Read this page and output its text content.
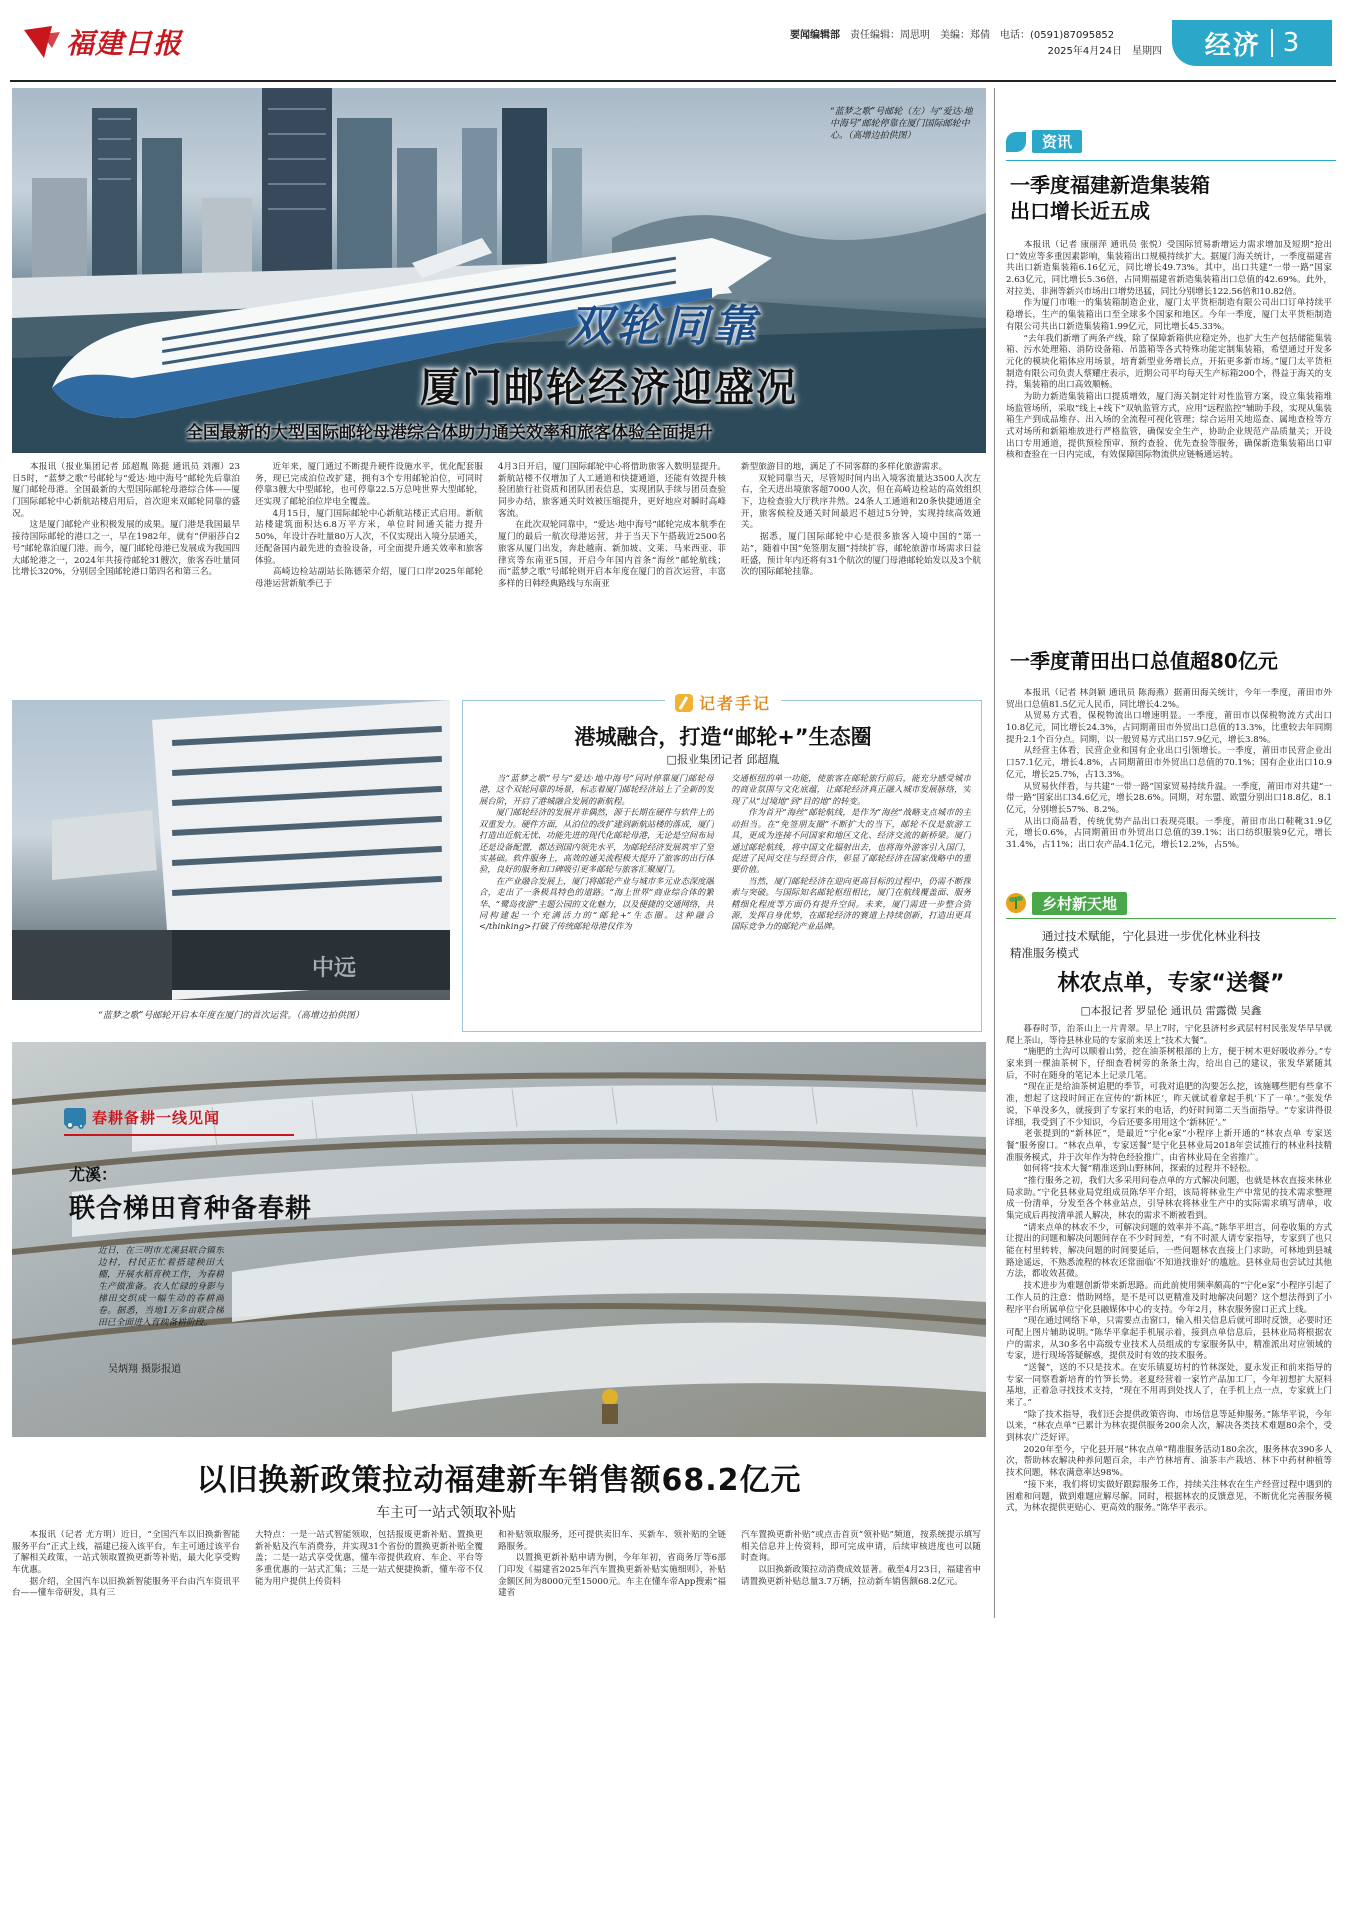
福建日报	要闻编辑部 责任编辑：周思明　美编：郑倩　电话：(0591)87095852
2025年4月24日　星期四	经济 3
“蓝梦之歌”号邮轮（左）与“爱达·地中海号”邮轮停靠在厦门国际邮轮中心。（高增边拍供图）
双轮同靠
厦门邮轮经济迎盛况
全国最新的大型国际邮轮母港综合体助力通关效率和旅客体验全面提升
　　本报讯（报业集团记者 邱超胤 陈挺 通讯员 刘湘）23日5时，“蓝梦之歌”号邮轮与“爱达·地中海号”邮轮先后靠泊厦门邮轮母港。全国最新的大型国际邮轮母港综合体——厦门国际邮轮中心新航站楼启用后，首次迎来双邮轮同靠的盛况。
　　这是厦门邮轮产业积极发展的成果。厦门港是我国最早接待国际邮轮的港口之一，早在1982年，就有“伊丽莎白2号”邮轮靠泊厦门港。而今，厦门邮轮母港已发展成为我国四大邮轮港之一，2024年共接待邮轮31艘次，旅客吞吐量同比增长320%，分别居全国邮轮港口第四名和第三名。
　　近年来，厦门通过不断提升硬件设施水平，优化配套服务，现已完成泊位改扩建，拥有3个专用邮轮泊位，可同时停靠3艘大中型邮轮，也可停靠22.5万总吨世界大型邮轮，还实现了邮轮泊位岸电全覆盖。
　　4月15日，厦门国际邮轮中心新航站楼正式启用。新航站楼建筑面积达6.8万平方米，单位时间通关能力提升50%，年设计吞吐量80万人次，不仅实现出入境分层通关，还配备国内最先进的查验设备，可全面提升通关效率和旅客体验。
　　高崎边检站副站长陈德荣介绍，厦门口岸2025年邮轮母港运营新航季已于
4月3日开启，厦门国际邮轮中心将借助旅客入数明显提升。新航站楼不仅增加了人工通道和快捷通道，还能有效提升核验团旅行社资质和团队团表信息，实现团队手续与团员查验同步办结，旅客通关时效被压缩提升，更好地应对瞬时高峰客流。
　　在此次双轮同靠中，“爱达·地中海号”邮轮完成本航季在厦门的最后一航次母港运营，并于当天下午搭载近2500名旅客从厦门出发，奔赴越南、新加坡、文莱、马来西亚、菲律宾等东南亚5国，开启今年国内首条“海丝”邮轮航线；而“蓝梦之歌”号邮轮则开启本年度在厦门的首次运营，丰富多样的日韩经典路线与东南亚
新型旅游目的地，满足了不同客群的多样化旅游需求。
　　双轮同靠当天，尽管短时间内出入境客流量达3500人次左右，全天进出境旅客超7000人次，但在高崎边检站的高效组织下，边检查验大厅秩序井然。24条人工通道和20条快捷通道全开，旅客候检及通关时间最迟不超过5分钟，实现持续高效通关。
　　据悉，厦门国际邮轮中心是很多旅客入境中国的“第一站”，随着中国“免签朋友圈”持续扩容，邮轮旅游市场需求日益旺盛，预计年内还将有31个航次的厦门母港邮轮始发以及3个航次的国际邮轮挂靠。
中远
“蓝梦之歌”号邮轮开启本年度在厦门的首次运营。（高增边拍供图）
记者手记
港城融合，打造“邮轮+”生态圈
□报业集团记者 邱超胤
　　当“蓝梦之歌”号与“爱达·地中海号”同时停靠厦门邮轮母港，这个双轮同靠的场景，标志着厦门邮轮经济站上了全新的发展台阶，开启了港城融合发展的新航程。
　　厦门邮轮经济的发展并非偶然，源于长期在硬件与软件上的双重发力。硬件方面，从泊位的改扩建到新航站楼的落成，厦门打造出近航无忧、功能先进的现代化邮轮母港，无论是空间布局还是设备配置，都达到国内领先水平，为邮轮经济发展筑牢了坚实基础。软件服务上，高效的通关流程极大提升了旅客的出行体验，良好的服务和口碑吸引更多邮轮与旅客汇聚厦门。
　　在产业融合发展上，厦门将邮轮产业与城市多元业态深度融合，走出了一条极具特色的道路。“海上世界”商业综合体的繁华、“鹭岛夜游”主题公园的文化魅力，以及便捷的交通网络，共同构建起一个充满活力的“邮轮+”生态圈。这种融合</thinking>打破了传统邮轮母港仅作为
交通枢纽的单一功能，使旅客在邮轮旅行前后，能充分感受城市的商业氛围与文化底蕴，让邮轮经济真正融入城市发展脉络，实现了从“过境地”到“目的地”的转变。
　　作为首开“海丝”邮轮航线，是作为“海丝”战略支点城市的主动担当。在“免签朋友圈”不断扩大的当下，邮轮不仅是旅游工具，更成为连接不同国家和地区文化、经济交流的新桥梁。厦门通过邮轮航线，将中国文化辐射出去，也将海外游客引入国门，促进了民间交往与经贸合作，彰显了邮轮经济在国家战略中的重要价值。
　　当然，厦门邮轮经济在迎向更高目标的过程中，仍需不断探索与突破。与国际知名邮轮枢纽相比，厦门在航线覆盖面、服务精细化程度等方面仍有提升空间。未来，厦门需进一步整合资源，发挥自身优势，在邮轮经济的赛道上持续创新，打造出更具国际竞争力的邮轮产业品牌。
春耕备耕一线见闻
尤溪：
联合梯田育种备春耕
近日，在三明市尤溪县联合镇东边村，村民正忙着搭建秧田大棚，开展水稻育秧工作，为春耕生产做准备。农人忙碌的身影与梯田交织成一幅生动的春耕画卷。据悉，当地1万多亩联合梯田已全面进入育秧备耕阶段。
吴炳翔 摄影报道
以旧换新政策拉动福建新车销售额68.2亿元
车主可一站式领取补贴
　　本报讯（记者 尤方明）近日，“全国汽车以旧换新智能服务平台”正式上线，福建已接入该平台，车主可通过该平台了解相关政策，一站式领取置换更新等补贴，最大化享受购车优惠。
　　据介绍，全国汽车以旧换新智能服务平台由汽车资讯平台——懂车帝研发，具有三
大特点：一是一站式智能领取，包括报废更新补贴、置换更新补贴及汽车消费券，并实现31个省份的置换更新补贴全覆盖；二是一站式享受优惠，懂车帝提供政府、车企、平台等多重优惠的一站式汇集；三是一站式便捷换新，懂车帝不仅能为用户提供上传资料
和补贴领取服务，还可提供卖旧车、买新车、领补贴的全链路服务。
　　以置换更新补贴申请为例，今年年初，省商务厅等6部门印发《福建省2025年汽车置换更新补贴实施细则》，补贴金额区间为8000元至15000元。车主在懂车帝App搜索“福建省
汽车置换更新补贴”或点击首页“领补贴”频道，按系统提示填写相关信息并上传资料，即可完成申请，后续审核进度也可以随时查询。
　　以旧换新政策拉动消费成效显著。截至4月23日，福建省申请置换更新补贴总量3.7万辆，拉动新车销售额68.2亿元。
资讯
一季度福建新造集装箱
出口增长近五成
　　本报讯（记者 康丽萍 通讯员 张悦）受国际贸易新增运力需求增加及短期“抢出口”效应等多重因素影响，集装箱出口规模持续扩大。据厦门海关统计，一季度福建省共出口新造集装箱6.16亿元，同比增长49.73%。其中，出口共建“一带一路”国家2.63亿元，同比增长5.36倍，占同期福建省新造集装箱出口总值的42.69%。此外，对拉美、非洲等新兴市场出口增势迅猛，同比分别增长122.56倍和10.82倍。
　　作为厦门市唯一的集装箱制造企业，厦门太平货柜制造有限公司出口订单持续平稳增长，生产的集装箱出口至全球多个国家和地区。今年一季度，厦门太平货柜制造有限公司共出口新造集装箱1.99亿元，同比增长45.33%。
　　“去年我们新增了两条产线，除了保障新箱供应稳定外，也扩大生产包括储能集装箱、污水处理箱、消防设备箱、吊篮箱等各式特殊功能定制集装箱，希望通过开发多元化的模块化箱体应用场景，培育新型业务增长点，开拓更多新市场。”厦门太平货柜制造有限公司负责人蔡耀庄表示，近期公司平均每天生产标箱200个，得益于海关的支持，集装箱的出口高效顺畅。
　　为助力新造集装箱出口提质增效，厦门海关制定针对性监管方案，设立集装箱堆场监管场所，采取“线上+线下”双轨监管方式，应用“远程监控”辅助手段，实现从集装箱生产到成品堆存、出入场的全流程可视化管理；综合运用关地巡查、属地查检等方式对场所和新箱堆放进行严格监管，确保安全生产，协助企业规范产品质量关；开设出口专用通道，提供预检预审、预约查验、优先查验等服务，确保新造集装箱出口审核和查验在一日内完成，有效保障国际物流供应链畅通运转。
一季度莆田出口总值超80亿元
　　本报讯（记者 林剑颖 通讯员 陈海燕）据莆田海关统计，今年一季度，莆田市外贸出口总值81.5亿元人民币，同比增长4.2%。
　　从贸易方式看，保税物流出口增速明显。一季度，莆田市以保税物流方式出口10.8亿元，同比增长24.3%，占同期莆田市外贸出口总值的13.3%，比重较去年同期提升2.1个百分点。同期，以一般贸易方式出口57.9亿元，增长3.8%。
　　从经营主体看，民营企业和国有企业出口引领增长。一季度，莆田市民营企业出口57.1亿元，增长4.8%，占同期莆田市外贸出口总值的70.1%；国有企业出口10.9亿元，增长25.7%，占13.3%。
　　从贸易伙伴看，与共建“一带一路”国家贸易持续升温。一季度，莆田市对共建“一带一路”国家出口34.6亿元，增长28.6%。同期，对东盟、欧盟分别出口18.8亿、8.1亿元，分别增长57%、8.2%。
　　从出口商品看，传统优势产品出口表现亮眼。一季度，莆田市出口鞋靴31.9亿元，增长0.6%，占同期莆田市外贸出口总值的39.1%；出口纺织服装9亿元，增长31.4%，占11%；出口农产品4.1亿元，增长12.2%，占5%。
乡村新天地
通过技术赋能，宁化县进一步优化林业科技
精准服务模式
林农点单，专家“送餐”
□本报记者 罗显伦 通讯员 雷露微 吴鑫
　　暮春时节，治茶山上一片青翠。早上7时，宁化县济村乡武层村村民张发华早早就爬上茶山，等待县林业局的专家前来送上“技术大餐”。
　　“施肥的土沟可以顺着山势，挖在油茶树根部的上方，便于树木更好吸收养分。”专家来到一棵油茶树下，仔细查看树旁的条条土沟，给出自己的建议，张发华紧随其后，不时在随身的笔记本上记录几笔。
　　“现在正是给油茶树追肥的季节，可我对追肥的沟要怎么挖，该施哪些肥有些拿不准，想起了这段时间正在宣传的‘新林匠’，昨天就试着拿起手机‘下了一单’。”张发华说，下单没多久，就接到了专家打来的电话，约好时间第二天当面指导。“专家讲得很详细，我受到了不少知识，今后还要多用用这个‘新林匠’。”
　　老张提到的“新林匠”，是最近“宁化e家”小程序上新开通的“林农点单 专家送餐”服务窗口。“林农点单，专家送餐”是宁化县林业局2018年尝试推行的林业科技精准服务模式，并于次年作为特色经验推广，由省林业局在全省推广。
　　如何将“技术大餐”精准送到山野林间，探索的过程并不轻松。
　　“推行服务之初，我们大多采用问卷点单的方式解决问题，也就是林农直接来林业局求助。”宁化县林业局党组成员陈华平介绍，该局将林业生产中常见的技术需求整理成一份清单，分发至各个林业站点，引导林农将林业生产中的实际需求填写清单，收集完成后再按清单派人解决，林农的需求不断被看到。
　　“请来点单的林农不少，可解决问题的效率并不高。”陈华平坦言，问卷收集的方式让提出的问题和解决问题间存在不少时间差，“有不时派人请专家指导，专家到了也只能在村里转转，解决问题的时间要延后，一些问题林农直接上门求助，可林地到县城路途遥远，不熟悉流程的林农还常面临‘不知道找谁好’的尴尬。县林业局也尝试过其他方法，都收效甚微。
　　技术进步为难题创新带来新思路。而此前使用频率颇高的“宁化e家”小程序引起了工作人员的注意：借助网络，是不是可以更精准及时地解决问题？这个想法得到了小程序平台所属单位宁化县融媒体中心的支持。今年2月，林农服务窗口正式上线。
　　“现在通过网络下单，只需要点击窗口，输入相关信息后就可即时反馈，必要时还可配上图片辅助说明。”陈华平拿起手机展示着，接到点单信息后，县林业局将根据农户的需求，从30多名中高级专业技术人员组成的专家服务队中，精准派出对应领域的专家，进行现场答疑解惑，提供及时有效的技术服务。
　　“送餐”，送的不只是技术。在安乐镇夏坊村的竹林深处，夏永发正和前来指导的专家一同察看新培育的竹笋长势。老夏经营着一家竹产品加工厂，今年初想扩大原料基地，正着急寻找技术支持，“现在不用再到处找人了，在手机上点一点，专家就上门来了。”
　　“除了技术指导，我们还会提供政策咨询、市场信息等延伸服务。”陈华平说，今年以来，“林农点单”已累计为林农提供服务200余人次，解决各类技术难题80余个，受到林农广泛好评。
　　2020年至今，宁化县开展“林农点单”精准服务活动180余次，服务林农390多人次，帮助林农解决种养问题百余，丰产竹林培育、油茶丰产栽培、林下中药材种植等技术问题，林农满意率达98%。
　　“接下来，我们将切实做好跟踪服务工作，持续关注林农在生产经营过程中遇到的困难和问题，做到难题应解尽解。同时，根据林农的反馈意见，不断优化完善服务模式，为林农提供更贴心、更高效的服务。”陈华平表示。
